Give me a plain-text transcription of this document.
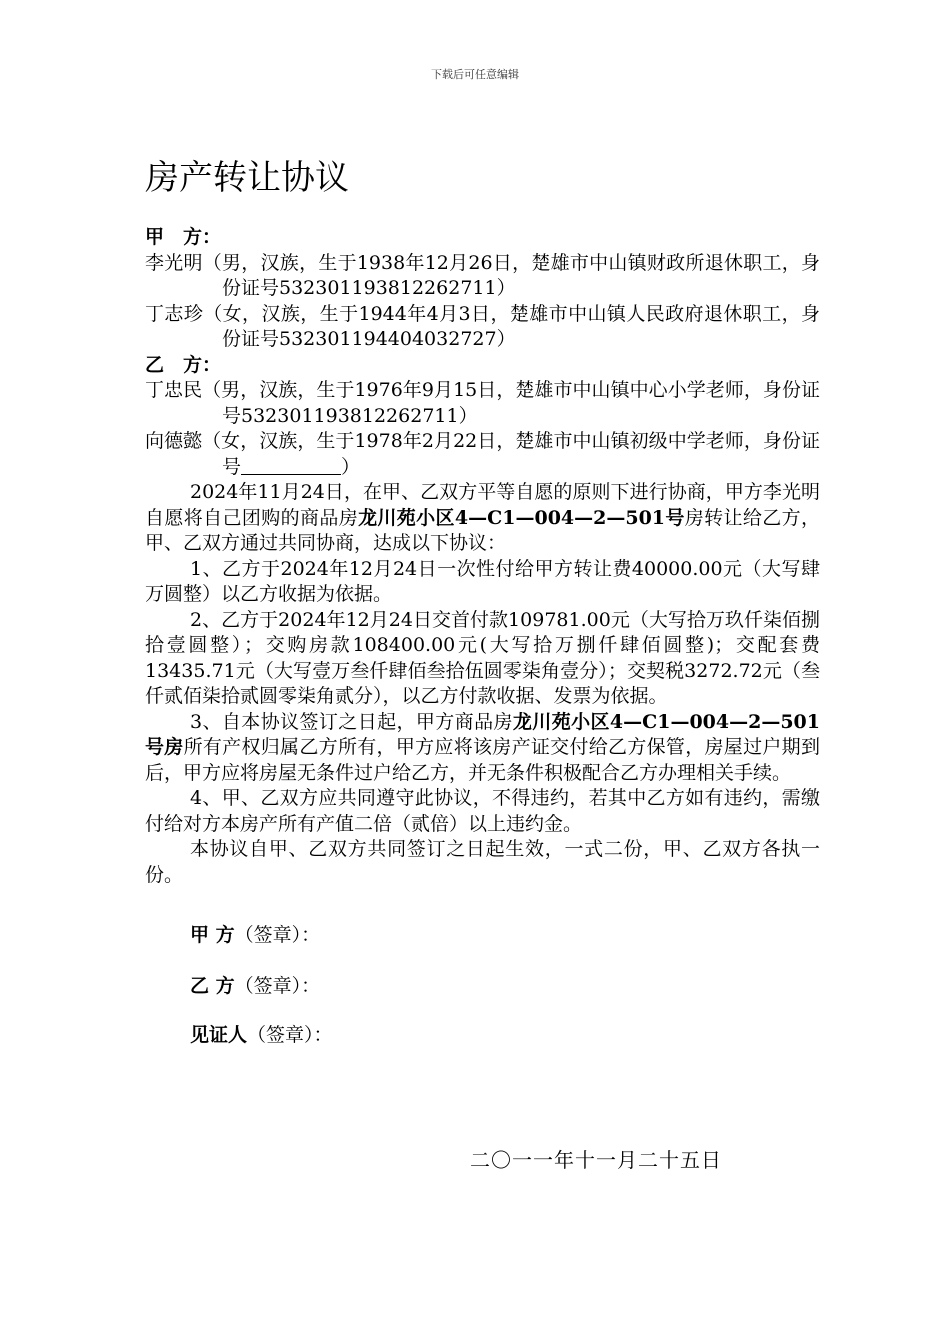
下载后可任意编辑
房产转让协议
甲　方：
李光明（男，汉族，生于1938年12月26日，楚雄市中山镇财政所退休职工，身份证号532301193812262711）
丁志珍（女，汉族，生于1944年4月3日，楚雄市中山镇人民政府退休职工，身份证号532301194404032727）
乙　方：
丁忠民（男，汉族，生于1976年9月15日，楚雄市中山镇中心小学老师，身份证号532301193812262711）
向德懿（女，汉族，生于1978年2月22日，楚雄市中山镇初级中学老师，身份证号	）
2024年11月24日，在甲、乙双方平等自愿的原则下进行协商，甲方李光明自愿将自己团购的商品房龙川苑小区4—C1—004—2—501号房转让给乙方，甲、乙双方通过共同协商，达成以下协议：
1、乙方于2024年12月24日一次性付给甲方转让费40000.00元（大写肆万圆整）以乙方收据为依据。
2、乙方于2024年12月24日交首付款109781.00元（大写拾万玖仟柒佰捌拾壹圆整）；交购房款108400.00元(大写拾万捌仟肆佰圆整)；交配套费13435.71元（大写壹万叁仟肆佰叁拾伍圆零柒角壹分）；交契税3272.72元（叁仟贰佰柒拾贰圆零柒角贰分），以乙方付款收据、发票为依据。
3、自本协议签订之日起，甲方商品房龙川苑小区4—C1—004—2—501号房所有产权归属乙方所有，甲方应将该房产证交付给乙方保管，房屋过户期到后，甲方应将房屋无条件过户给乙方，并无条件积极配合乙方办理相关手续。
4、甲、乙双方应共同遵守此协议，不得违约，若其中乙方如有违约，需缴付给对方本房产所有产值二倍（贰倍）以上违约金。
本协议自甲、乙双方共同签订之日起生效，一式二份，甲、乙双方各执一份。
甲 方（签章）：
乙 方（签章）：
见证人（签章）：
二〇一一年十一月二十五日
